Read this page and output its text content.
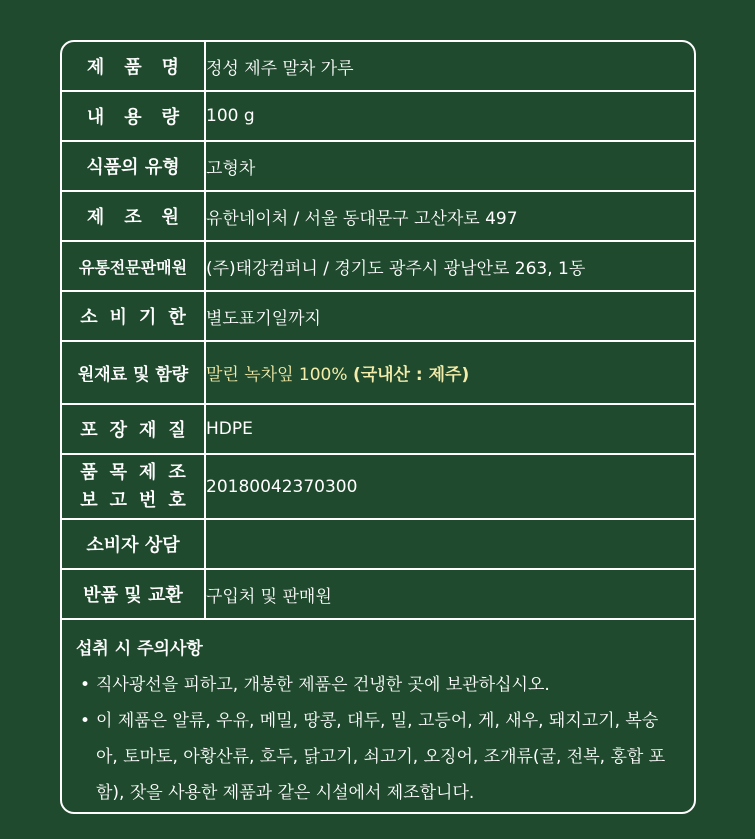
제품명	정성 제주 말차 가루
내용량	100 g
식품의 유형	고형차
제조원	유한네이처 / 서울 동대문구 고산자로 497
유통전문판매원	(주)태강컴퍼니 / 경기도 광주시 광남안로 263, 1동
소비기한	별도표기일까지
원재료 및 함량	말린 녹차잎 100% (국내산 : 제주)
포장재질	HDPE

품목제조
보고번호	20180042370300
소비자 상담	
반품 및 교환	구입처 및 판매원
섭취 시 주의사항
• 직사광선을 피하고, 개봉한 제품은 건냉한 곳에 보관하십시오.
• 이 제품은 알류, 우유, 메밀, 땅콩, 대두, 밀, 고등어, 게, 새우, 돼지고기, 복숭아, 토마토, 아황산류, 호두, 닭고기, 쇠고기, 오징어, 조개류(굴, 전복, 홍합 포함), 잣을 사용한 제품과 같은 시설에서 제조합니다.
